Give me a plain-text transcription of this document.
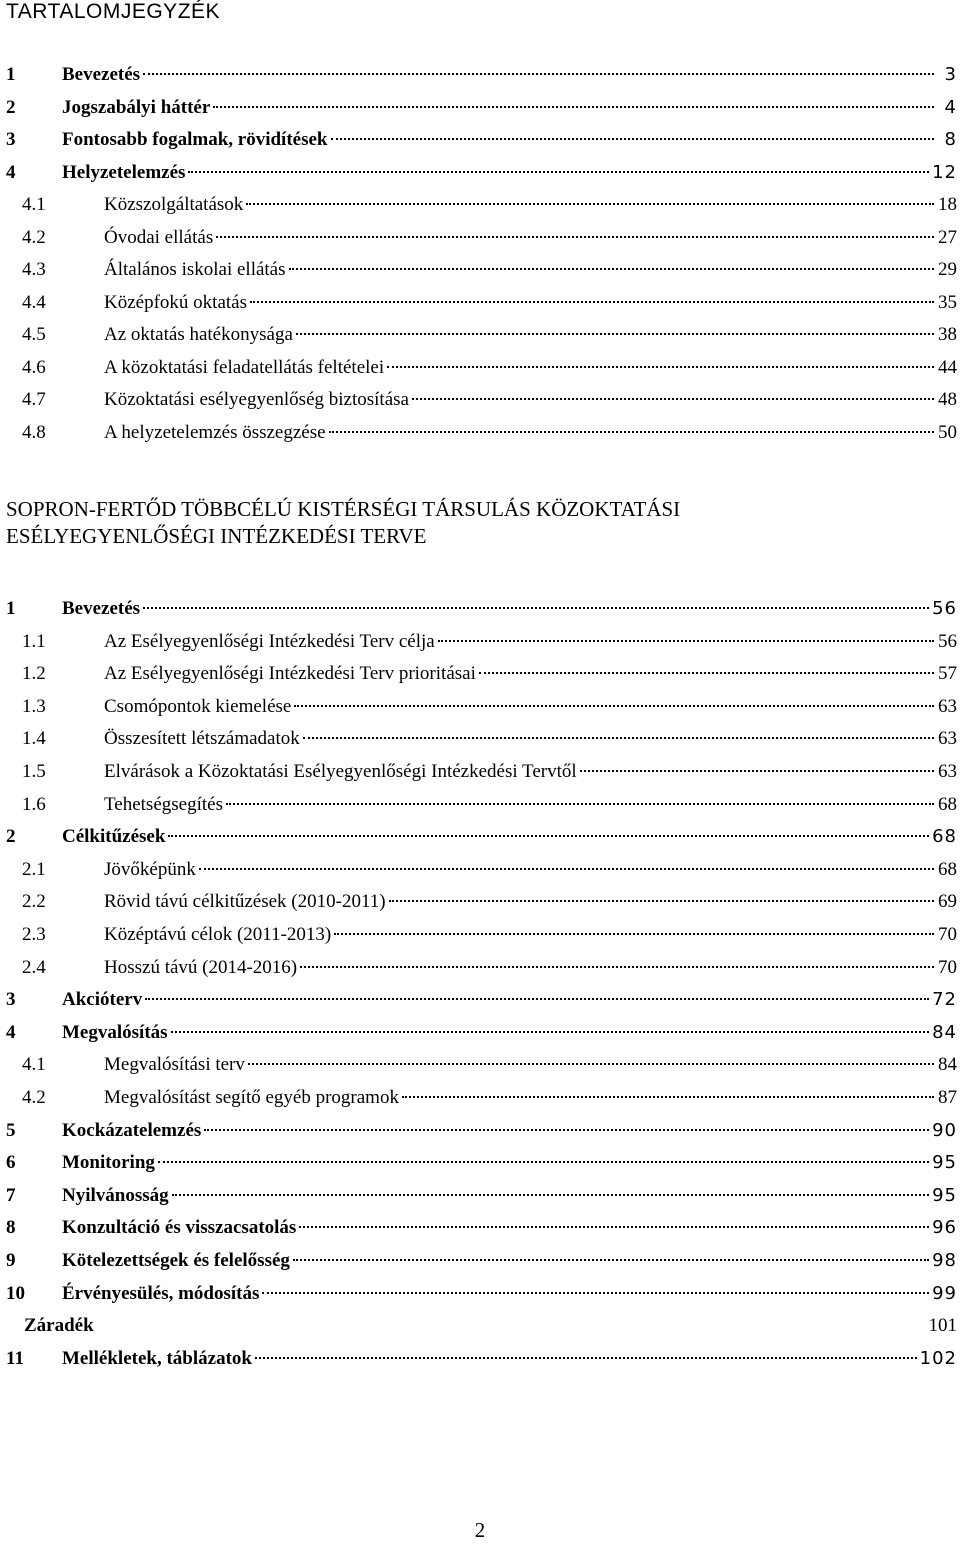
TARTALOMJEGYZÉK
SOPRON-FERTŐD TÖBBCÉLÚ KISTÉRSÉGI TÁRSULÁS KÖZOKTATÁSI
ESÉLYEGYENLŐSÉGI INTÉZKEDÉSI TERVE
1	Bevezetés	3
2	Jogszabályi háttér	4
3	Fontosabb fogalmak, rövidítések	8
4	Helyzetelemzés	12
4.1	Közszolgáltatások	18
4.2	Óvodai ellátás	27
4.3	Általános iskolai ellátás	29
4.4	Középfokú oktatás	35
4.5	Az oktatás hatékonysága	38
4.6	A közoktatási feladatellátás feltételei	44
4.7	Közoktatási esélyegyenlőség biztosítása	48
4.8	A helyzetelemzés összegzése	50
1	Bevezetés	56
1.1	Az Esélyegyenlőségi Intézkedési Terv célja	56
1.2	Az Esélyegyenlőségi Intézkedési Terv prioritásai	57
1.3	Csomópontok kiemelése	63
1.4	Összesített létszámadatok	63
1.5	Elvárások a Közoktatási Esélyegyenlőségi Intézkedési Tervtől	63
1.6	Tehetségsegítés	68
2	Célkitűzések	68
2.1	Jövőképünk	68
2.2	Rövid távú célkitűzések (2010-2011)	69
2.3	Középtávú célok (2011-2013)	70
2.4	Hosszú távú (2014-2016)	70
3	Akcióterv	72
4	Megvalósítás	84
4.1	Megvalósítási terv	84
4.2	Megvalósítást segítő egyéb programok	87
5	Kockázatelemzés	90
6	Monitoring	95
7	Nyilvánosság	95
8	Konzultáció és visszacsatolás	96
9	Kötelezettségek és felelősség	98
10	Érvényesülés, módosítás	99
Záradék	101
11	Mellékletek, táblázatok	102
2
